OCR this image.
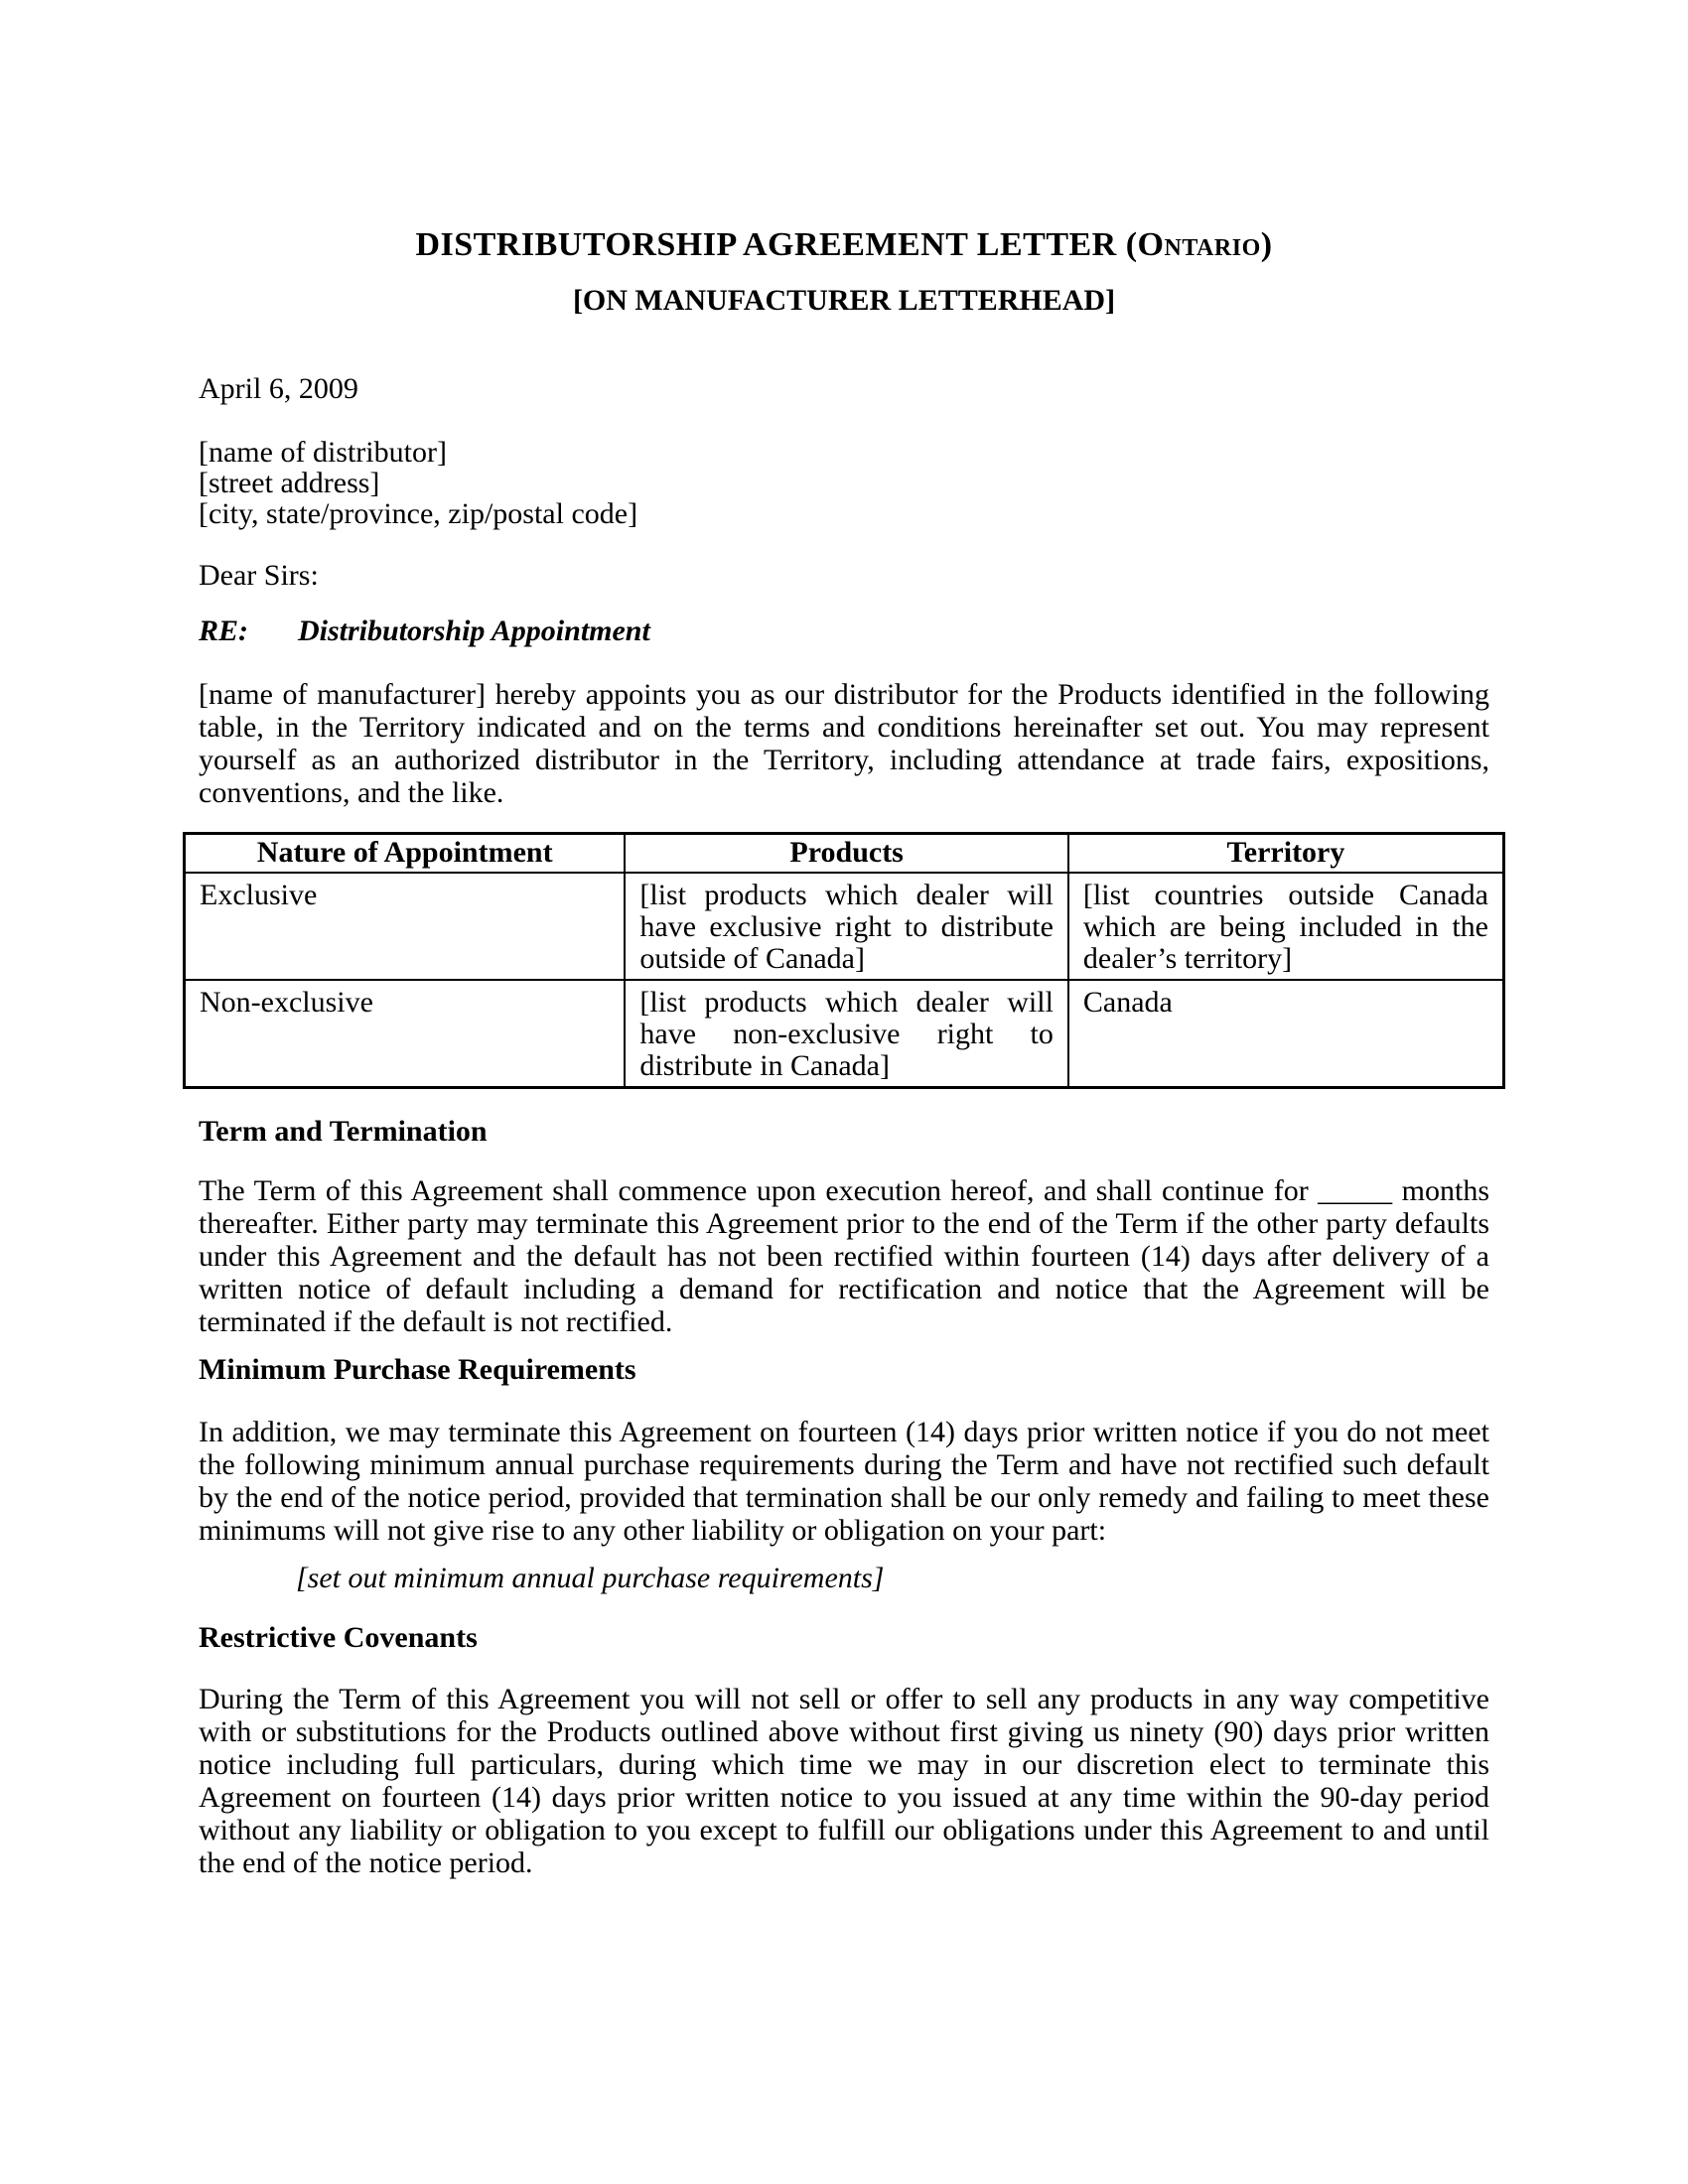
DISTRIBUTORSHIP AGREEMENT LETTER (Ontario)
[ON MANUFACTURER LETTERHEAD]
April 6, 2009
[name of distributor]
[street address]
[city, state/province, zip/postal code]
Dear Sirs:
RE: Distributorship Appointment
[name of manufacturer] hereby appoints you as our distributor for the Products identified in the following table, in the Territory indicated and on the terms and conditions hereinafter set out. You may represent yourself as an authorized distributor in the Territory, including attendance at trade fairs, expositions, conventions, and the like.
Nature of Appointment	Products	Territory
Exclusive	[list products which dealer will have exclusive right to distribute outside of Canada]	[list countries outside Canada which are being included in the dealer’s territory]
Non-exclusive	[list products which dealer will have non-exclusive right to distribute in Canada]	Canada
Term and Termination
The Term of this Agreement shall commence upon execution hereof, and shall continue for _____ months thereafter. Either party may terminate this Agreement prior to the end of the Term if the other party defaults under this Agreement and the default has not been rectified within fourteen (14) days after delivery of a written notice of default including a demand for rectification and notice that the Agreement will be terminated if the default is not rectified.
Minimum Purchase Requirements
In addition, we may terminate this Agreement on fourteen (14) days prior written notice if you do not meet the following minimum annual purchase requirements during the Term and have not rectified such default by the end of the notice period, provided that termination shall be our only remedy and failing to meet these minimums will not give rise to any other liability or obligation on your part:
[set out minimum annual purchase requirements]
Restrictive Covenants
During the Term of this Agreement you will not sell or offer to sell any products in any way competitive with or substitutions for the Products outlined above without first giving us ninety (90) days prior written notice including full particulars, during which time we may in our discretion elect to terminate this Agreement on fourteen (14) days prior written notice to you issued at any time within the 90-day period without any liability or obligation to you except to fulfill our obligations under this Agreement to and until the end of the notice period.
